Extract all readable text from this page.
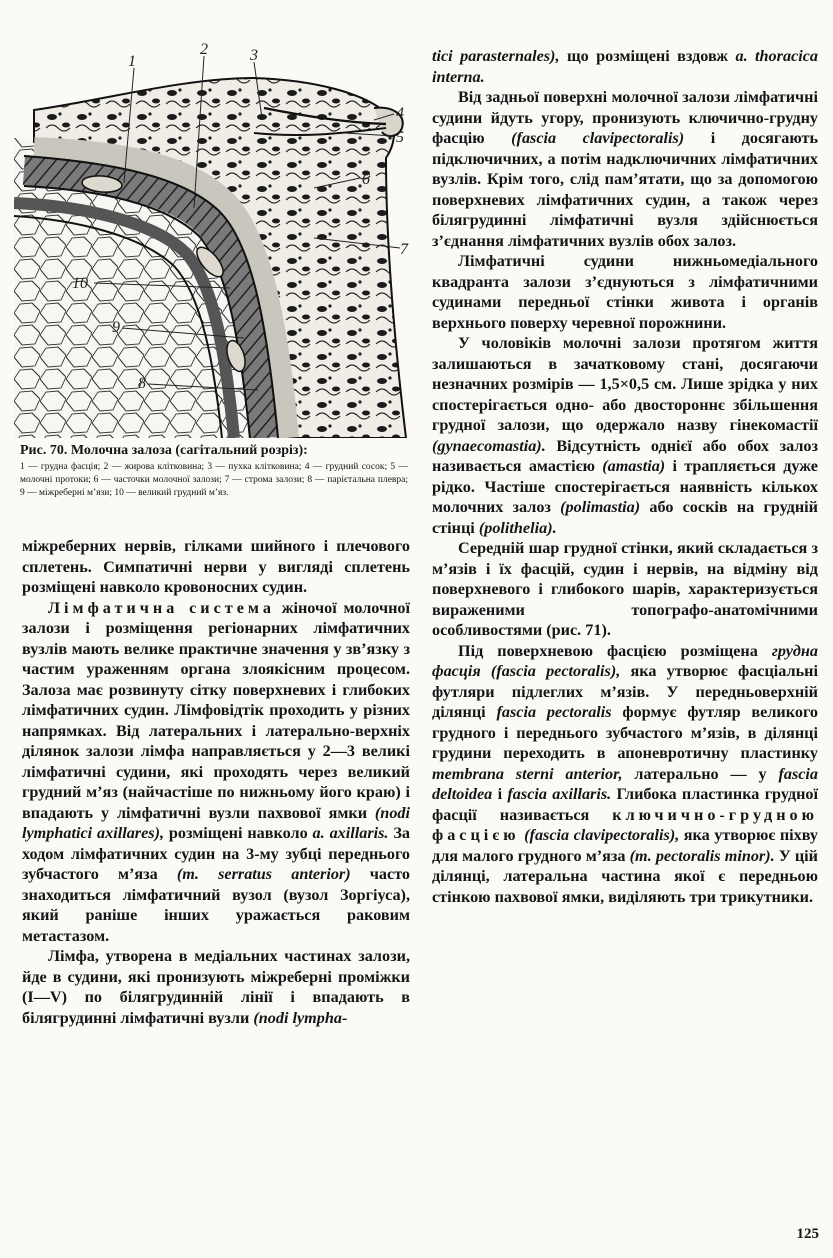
1
2	3
4
5
6
7
8
9
10
Рис. 70. Молочна залоза (сагітальний розріз):
1 — грудна фасція; 2 — жирова клітковина; 3 — пухка клітковина; 4 — грудний сосок; 5 — молочні протоки; 6 — часточки молочної залози; 7 — строма залози; 8 — парієтальна плевра; 9 — міжреберні м’язи; 10 — великий грудний м’яз.

міжреберних нервів, гілками шийного і плечового сплетень. Симпатичні нерви у вигляді сплетень розміщені навколо кровоносних судин.

Лімфатична система жіночої молочної залози і розміщення регіонарних лімфатичних вузлів мають велике практичне значення у зв’язку з частим ураженням органа злоякісним процесом. Залоза має розвинуту сітку поверхневих і глибоких лімфатичних судин. Лімфовідтік проходить у різних напрямках. Від латеральних і латерально-верхніх ділянок залози лімфа направляється у 2—3 великі лімфатичні судини, які проходять через великий грудний м’яз (найчастіше по нижньому його краю) і впадають у лімфатичні вузли пахвової ямки (nodi lymphatici axillares), розміщені навколо a. axillaris. За ходом лімфатичних судин на 3-му зубці переднього зубчастого м’яза (m. serratus anterior) часто знаходиться лімфатичний вузол (вузол Зоргіуса), який раніше інших уражається раковим метастазом.

Лімфа, утворена в медіальних частинах залози, йде в судини, які пронизують міжреберні проміжки (I—V) по білягрудинній лінії і впадають в білягрудинні лімфатичні вузли (nodi lympha-

tici parasternales), що розміщені вздовж a. thoracica interna.

Від задньої поверхні молочної залози лімфатичні судини йдуть угору, пронизують ключично-грудну фасцію (fascia clavipectoralis) і досягають підключичних, а потім надключичних лімфатичних вузлів. Крім того, слід пам’ятати, що за допомогою поверхневих лімфатичних судин, а також через білягрудинні лімфатичні вузля здійснюється з’єднання лімфатичних вузлів обох залоз.

Лімфатичні судини нижньомедіального квадранта залози з’єднуються з лімфатичними судинами передньої стінки живота і органів верхнього поверху черевної порожнини.

У чоловіків молочні залози протягом життя залишаються в зачатковому стані, досягаючи незначних розмірів — 1,5×0,5 см. Лише зрідка у них спостерігається одно- або двостороннє збільшення грудної залози, що одержало назву гінекомастії (gynaecomastia). Відсутність однієї або обох залоз називається амастією (amastia) і трапляється дуже рідко. Частіше спостерігається наявність кількох молочних залоз (polimastia) або сосків на грудній стінці (polithelia).

Середній шар грудної стінки, який складається з м’язів і їх фасцій, судин і нервів, на відміну від поверхневого і глибокого шарів, характеризується вираженими топографо-анатомічними особливостями (рис. 71).

Під поверхневою фасцією розміщена грудна фасція (fascia pectoralis), яка утворює фасціальні футляри підлеглих м’язів. У передньоверхній ділянці fascia pectoralis формує футляр великого грудного і переднього зубчастого м’язів, в ділянці грудини переходить в апоневротичну пластинку membrana sterni anterior, латерально — у fascia deltoidea і fascia axillaris. Глибока пластинка грудної фасції називається ключично-грудною фасцією (fascia clavipectoralis), яка утворює піхву для малого грудного м’яза (m. pectoralis minor). У цій ділянці, латеральна частина якої є передньою стінкою пахвової ямки, виділяють три трикутники.

125
